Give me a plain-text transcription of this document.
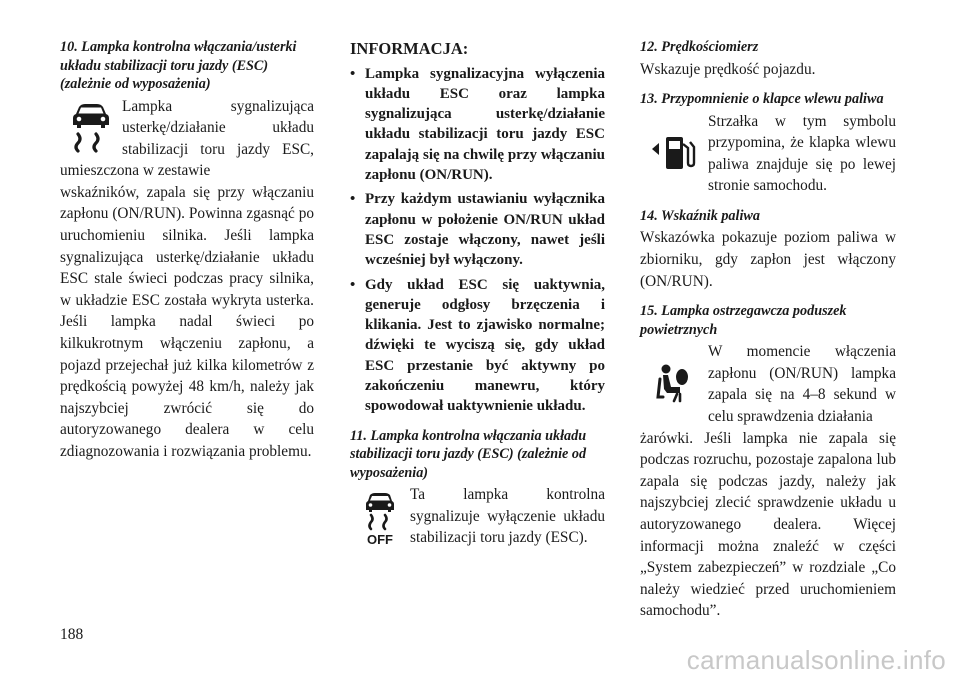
10. Lampka kontrolna włączania/usterki układu stabilizacji toru jazdy (ESC) (zależnie od wyposażenia)

Lampka sygnalizująca usterkę/działanie układu stabilizacji toru jazdy ESC, umieszczona w zestawie

wskaźników, zapala się przy włączaniu zapłonu (ON/RUN). Powinna zgasnąć po uruchomieniu silnika. Jeśli lampka sygnalizująca usterkę/działanie układu ESC stale świeci podczas pracy silnika, w układzie ESC została wykryta usterka. Jeśli lampka nadal świeci po kilkukrotnym włączeniu zapłonu, a pojazd przejechał już kilka kilometrów z prędkością powyżej 48 km/h, należy jak najszybciej zwrócić się do autoryzowanego dealera w celu zdiagnozowania i rozwiązania problemu.

INFORMACJA:

• Lampka sygnalizacyjna wyłączenia układu ESC oraz lampka sygnalizująca usterkę/działanie układu stabilizacji toru jazdy ESC zapalają się na chwilę przy włączaniu zapłonu (ON/RUN).
• Przy każdym ustawianiu wyłącznika zapłonu w położenie ON/RUN układ ESC zostaje włączony, nawet jeśli wcześniej był wyłączony.
• Gdy układ ESC się uaktywnia, generuje odgłosy brzęczenia i klikania. Jest to zjawisko normalne; dźwięki te wyciszą się, gdy układ ESC przestanie być aktywny po zakończeniu manewru, który spowodował uaktywnienie układu.

11. Lampka kontrolna włączania układu stabilizacji toru jazdy (ESC) (zależnie od wyposażenia)

OFF

Ta lampka kontrolna sygnalizuje wyłączenie układu stabilizacji toru jazdy (ESC).

12. Prędkościomierz

Wskazuje prędkość pojazdu.

13. Przypomnienie o klapce wlewu paliwa

Strzałka w tym symbolu przypomina, że klapka wlewu paliwa znajduje się po lewej stronie samochodu.

14. Wskaźnik paliwa

Wskazówka pokazuje poziom paliwa w zbiorniku, gdy zapłon jest włączony (ON/RUN).

15. Lampka ostrzegawcza poduszek powietrznych

W momencie włączenia zapłonu (ON/RUN) lampka zapala się na 4–8 sekund w celu sprawdzenia działania

żarówki. Jeśli lampka nie zapala się podczas rozruchu, pozostaje zapalona lub zapala się podczas jazdy, należy jak najszybciej zlecić sprawdzenie układu u autoryzowanego dealera. Więcej informacji można znaleźć w części „System zabezpieczeń” w rozdziale „Co należy wiedzieć przed uruchomieniem samochodu”.

188
carmanualsonline.info
